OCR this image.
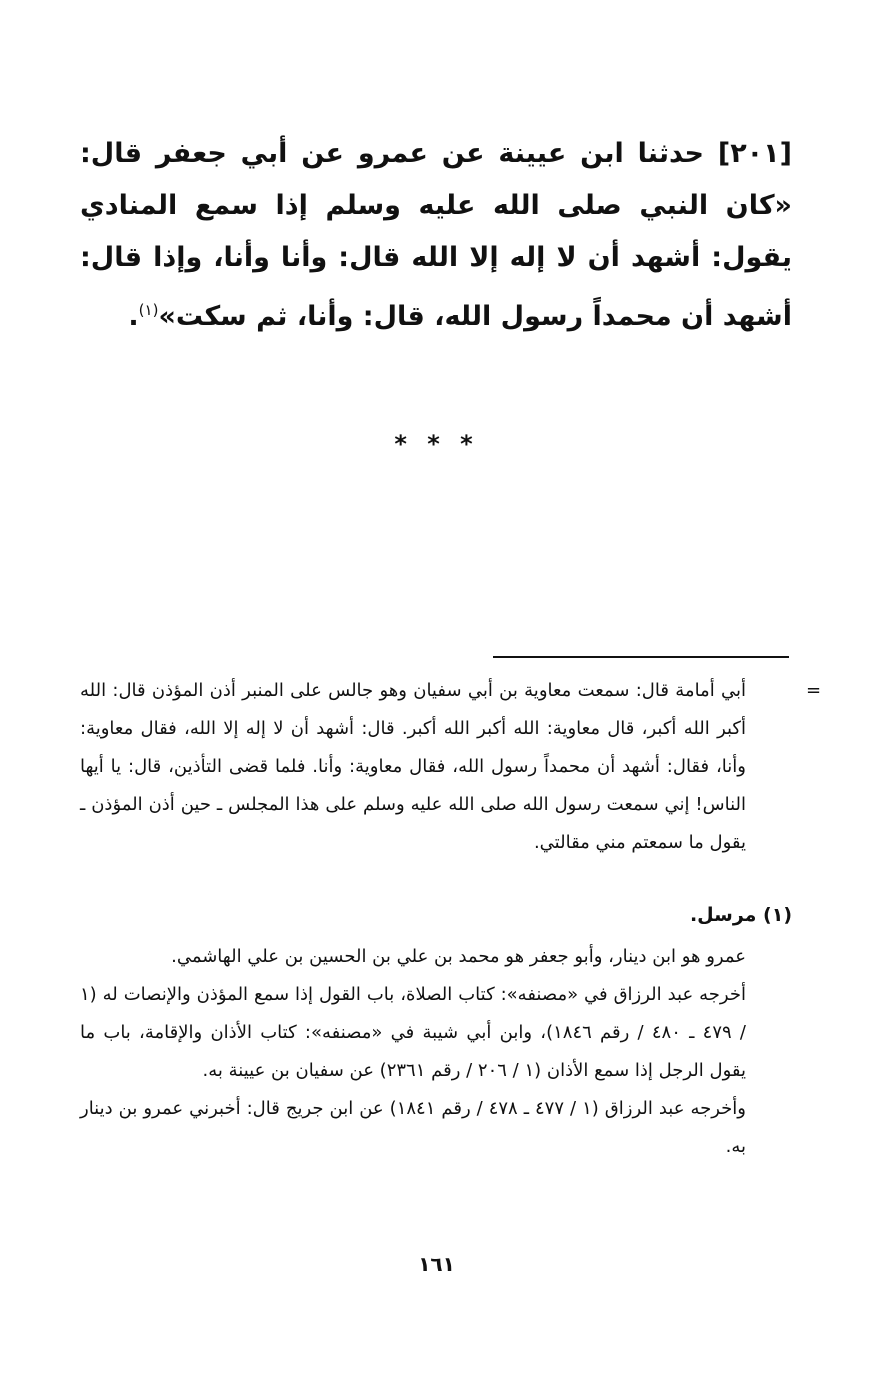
[٢٠١] حدثنا ابن عيينة عن عمرو عن أبي جعفر قال: «كان النبي صلى الله عليه وسلم إذا سمع المنادي يقول: أشهد أن لا إله إلا الله قال: وأنا وأنا، وإذا قال: أشهد أن محمداً رسول الله، قال: وأنا، ثم سكت»$^{(١)}$.

* * *
=

أبي أمامة قال: سمعت معاوية بن أبي سفيان وهو جالس على المنبر أذن المؤذن قال: الله أكبر الله أكبر، قال معاوية: الله أكبر الله أكبر. قال: أشهد أن لا إله إلا الله، فقال معاوية: وأنا، فقال: أشهد أن محمداً رسول الله، فقال معاوية: وأنا. فلما قضى التأذين، قال: يا أيها الناس! إني سمعت رسول الله صلى الله عليه وسلم على هذا المجلس ـ حين أذن المؤذن ـ يقول ما سمعتم مني مقالتي.

(١) مرسل.

عمرو هو ابن دينار، وأبو جعفر هو محمد بن علي بن الحسين بن علي الهاشمي.

أخرجه عبد الرزاق في «مصنفه»: كتاب الصلاة، باب القول إذا سمع المؤذن والإنصات له (١ / ٤٧٩ ـ ٤٨٠ / رقم ١٨٤٦)، وابن أبي شيبة في «مصنفه»: كتاب الأذان والإقامة، باب ما يقول الرجل إذا سمع الأذان (١ / ٢٠٦ / رقم ٢٣٦١) عن سفيان بن عيينة به.

وأخرجه عبد الرزاق (١ / ٤٧٧ ـ ٤٧٨ / رقم ١٨٤١) عن ابن جريج قال: أخبرني عمرو بن دينار به.

١٦١
